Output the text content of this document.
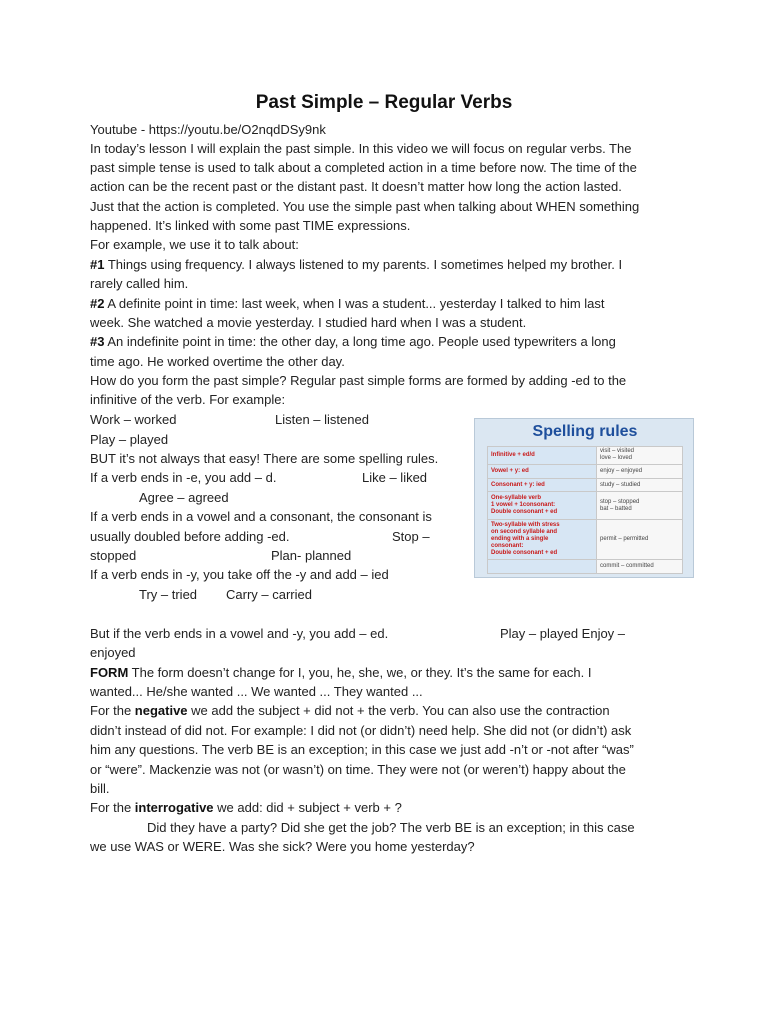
Past Simple – Regular Verbs
Youtube - https://youtu.be/O2nqdDSy9nk
In today’s lesson I will explain the past simple. In this video we will focus on regular verbs. The
past simple tense is used to talk about a completed action in a time before now. The time of the
action can be the recent past or the distant past. It doesn’t matter how long the action lasted.
Just that the action is completed. You use the simple past when talking about WHEN something
happened. It’s linked with some past TIME expressions.
For example, we use it to talk about:
#1 Things using frequency. I always listened to my parents. I sometimes helped my brother. I
rarely called him.
#2 A definite point in time: last week, when I was a student... yesterday I talked to him last
week. She watched a movie yesterday. I studied hard when I was a student.
#3 An indefinite point in time: the other day, a long time ago. People used typewriters a long
time ago. He worked overtime the other day.
How do you form the past simple? Regular past simple forms are formed by adding -ed to the
infinitive of the verb. For example:
Work – worked	Listen – listened
Play – played
BUT it’s not always that easy! There are some spelling rules.
If a verb ends in -e, you add – d.	Like – liked
Agree – agreed
If a verb ends in a vowel and a consonant, the consonant is
usually doubled before adding -ed.	Stop –
stopped	Plan- planned
If a verb ends in -y, you take off the -y and add – ied
Try – tried Carry – carried
But if the verb ends in a vowel and -y, you add – ed.	Play – played Enjoy –
enjoyed
FORM The form doesn’t change for I, you, he, she, we, or they. It’s the same for each. I
wanted... He/she wanted ... We wanted ... They wanted ...
For the negative we add the subject + did not + the verb. You can also use the contraction
didn’t instead of did not. For example: I did not (or didn’t) need help. She did not (or didn’t) ask
him any questions. The verb BE is an exception; in this case we just add -n’t or -not after “was”
or “were”. Mackenzie was not (or wasn’t) on time. They were not (or weren’t) happy about the
bill.
For the interrogative we add: did + subject + verb + ?
Did they have a party? Did she get the job? The verb BE is an exception; in this case
we use WAS or WERE. Was she sick? Were you home yesterday?
Spelling rules
Infinitive + ed/d	visit – visited
love – loved
Vowel + y: ed	enjoy – enjoyed
Consonant + y: ied	study – studied
One-syllable verb
1 vowel + 1consonant:
Double consonant + ed	stop – stopped
bat – batted
Two-syllable with stress
on second syllable and
ending with a single
consonant:
Double consonant + ed	permit – permitted
	commit – committed
